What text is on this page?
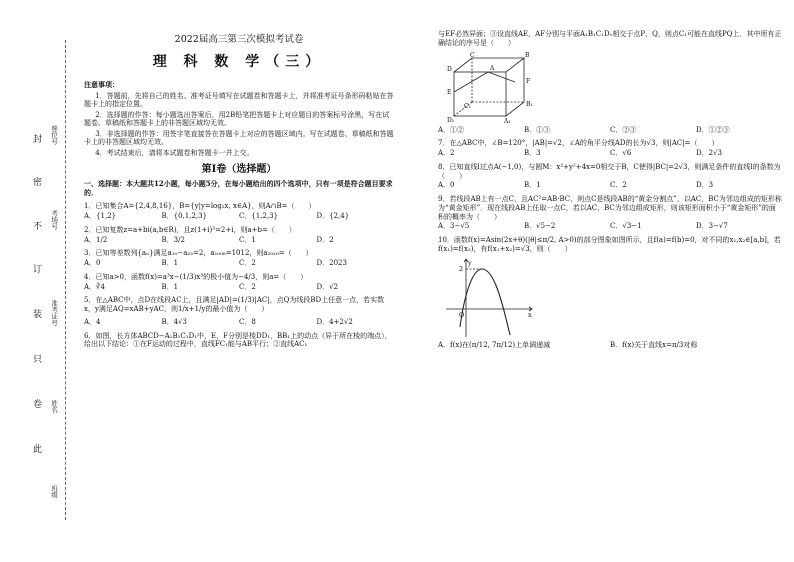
封
密
不
订
装
只
卷
此
座位号
考场号
准考证号
姓名
班级
2022届高三第三次模拟考试卷
理 科 数 学（三）
注意事项：

1．答题前，先将自己的姓名、准考证号填写在试题卷和答题卡上，并将准考证号条形码粘贴在答题卡上的指定位置。

2．选择题的作答：每小题选出答案后，用2B铅笔把答题卡上对应题目的答案标号涂黑，写在试题卷、草稿纸和答题卡上的非答题区域均无效。

3．非选择题的作答：用签字笔直接答在答题卡上对应的答题区域内。写在试题卷、草稿纸和答题卡上的非答题区域均无效。

4．考试结束后，请将本试题卷和答题卡一并上交。

第Ⅰ卷（选择题）

一、选择题：本大题共12小题，每小题5分，在每小题给出的四个选项中，只有一项是符合题目要求的．

1．已知集合A={2,4,8,16}，B={y|y=log₂x, x∈A}，则A∩B=（　　）

A．{1,2}	B．{0,1,2,3}	C．{1,2,3}	D．{2,4}

2．已知复数z=a+bi(a,b∈R)，且z(1+i)³=2+i，则a+b=（　　）

A．1/2	B．3/2	C．1	D．2

3．已知等差数列{aₙ}满足a₁₀−a₂₂=2，a₁₀₀₈=1012，则a₂₀₂₀=（　　）

A．0	B．1	C．2	D．2023

4．已知a>0，函数f(x)=a³x−(1/3)x³的极小值为−4/3，则a=（　　）

A．∛4	B．1	C．2	D．√2

5．在△ABC中，点D在线段AC上，且满足|AD|=(1/3)|AC|，点Q为线段BD上任意一点，若实数x，y满足AQ=xAB+yAC，则1/x+1/y的最小值为（　　）

A．4	B．4√3	C．8	D．4+2√2

6．如图，长方体ABCD−A₁B₁C₁D₁中，E，F分别是棱DD₁，BB₁上的动点（异于所在棱的端点），给出以下结论：①在F运动的过程中，直线FC₁能与AB平行；②直线AC₁

与EF必然异面；③设直线AE，AF分别与平面A₁B₁C₁D₁相交于点P，Q，则点C₁可能在直线PQ上．其中所有正确结论的序号是（　　）

C	B
D	A
E
F
C₁	B₁
D₁	A₁
A．①②	B．①③	C．②③	D．①②③

7．在△ABC中，∠B=120°，|AB|=√2，∠A的角平分线AD的长为√3，则|AC|=（　　）

A．2	B．3	C．√6	D．2√3

8．已知直线l过点A(−1,0)，与圆M：x²+y²+4x=0相交于B，C使得|BC|=2√3，则满足条件的直线l的条数为（　　）

A．0	B．1	C．2	D．3

9．若线段AB上有一点C，且AC²=AB·BC，则点C是线段AB的“黄金分割点”，以AC，BC为邻边组成的矩形称为“黄金矩形”．现在线段AB上任取一点C，若以AC，BC为邻边组成矩形，则该矩形面积小于“黄金矩形”的面积的概率为（　　）

A．3−√5	B．√5−2	C．√3−1	D．3−√7

10．函数f(x)=Asin(2x+θ)(|θ|≤π/2, A>0)的部分图象如图所示，且f(a)=f(b)=0，对不同的x₁,x₂∈[a,b]，若f(x₁)=f(x₂)，有f(x₁+x₂)=√3，则（　　）

y
x
O
2
A．f(x)在(π/12, 7π/12)上单调递减	B．f(x)关于直线x=π/3对称
